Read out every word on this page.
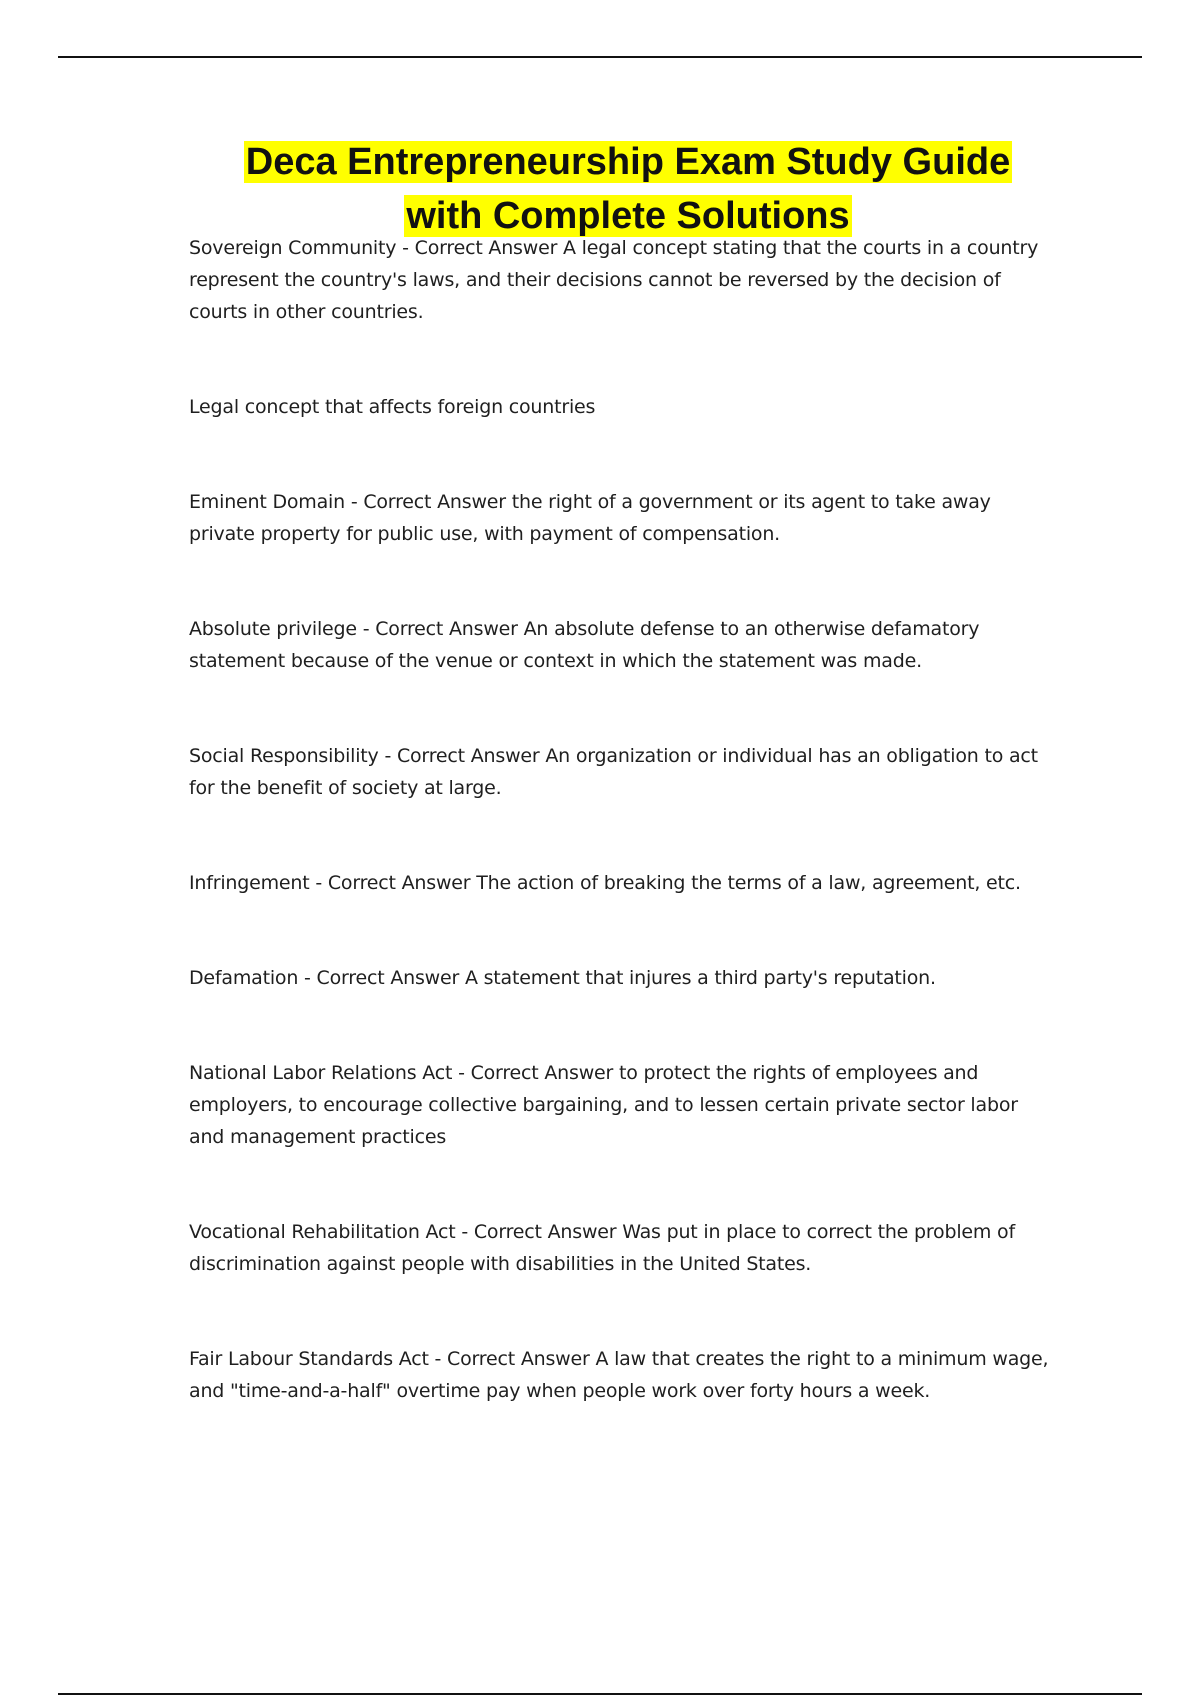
Deca Entrepreneurship Exam Study Guide
with Complete Solutions

Sovereign Community - Correct Answer A legal concept stating that the courts in a country represent the country's laws, and their decisions cannot be reversed by the decision of courts in other countries.

Legal concept that affects foreign countries

Eminent Domain - Correct Answer the right of a government or its agent to take away private property for public use, with payment of compensation.

Absolute privilege - Correct Answer An absolute defense to an otherwise defamatory statement because of the venue or context in which the statement was made.

Social Responsibility - Correct Answer An organization or individual has an obligation to act for the benefit of society at large.

Infringement - Correct Answer The action of breaking the terms of a law, agreement, etc.

Defamation - Correct Answer A statement that injures a third party's reputation.

National Labor Relations Act - Correct Answer to protect the rights of employees and employers, to encourage collective bargaining, and to lessen certain private sector labor and management practices

Vocational Rehabilitation Act - Correct Answer Was put in place to correct the problem of discrimination against people with disabilities in the United States.

Fair Labour Standards Act - Correct Answer A law that creates the right to a minimum wage, and "time-and-a-half" overtime pay when people work over forty hours a week.
